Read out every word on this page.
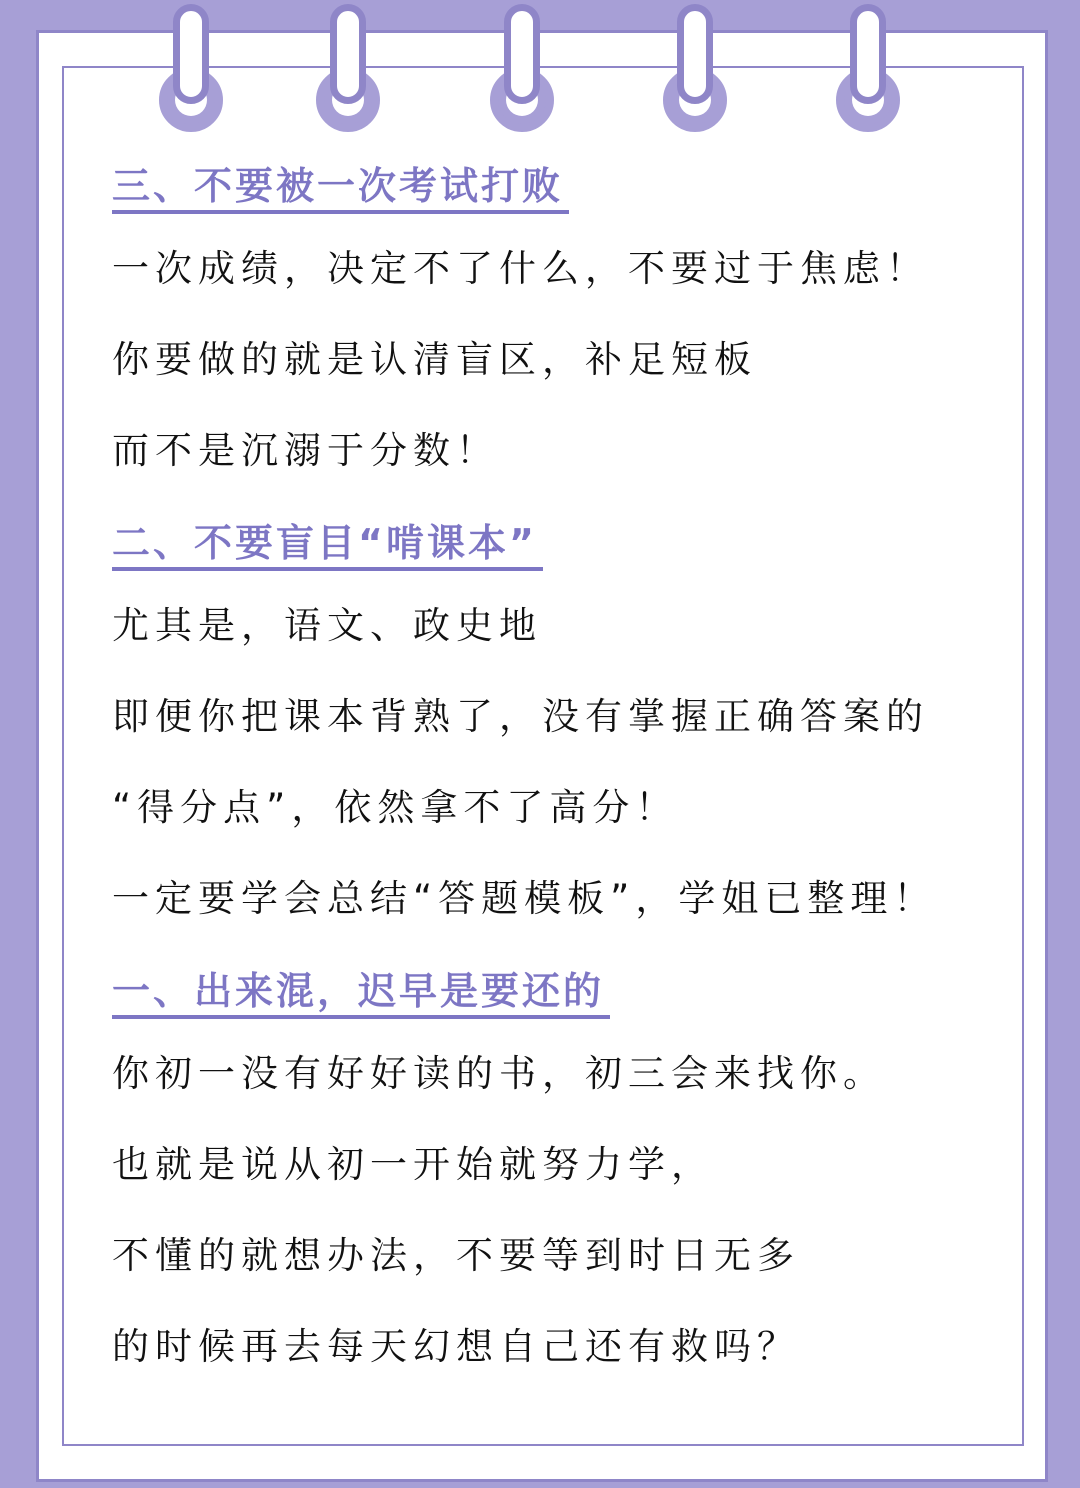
三、不要被一次考试打败
一次成绩，决定不了什么，不要过于焦虑！
你要做的就是认清盲区，补足短板
而不是沉溺于分数！
二、不要盲目“啃课本”
尤其是，语文、政史地
即便你把课本背熟了，没有掌握正确答案的
“得分点”，依然拿不了高分！
一定要学会总结“答题模板”，学姐已整理！
一、出来混，迟早是要还的
你初一没有好好读的书，初三会来找你。
也就是说从初一开始就努力学，
不懂的就想办法，不要等到时日无多
的时候再去每天幻想自己还有救吗？
